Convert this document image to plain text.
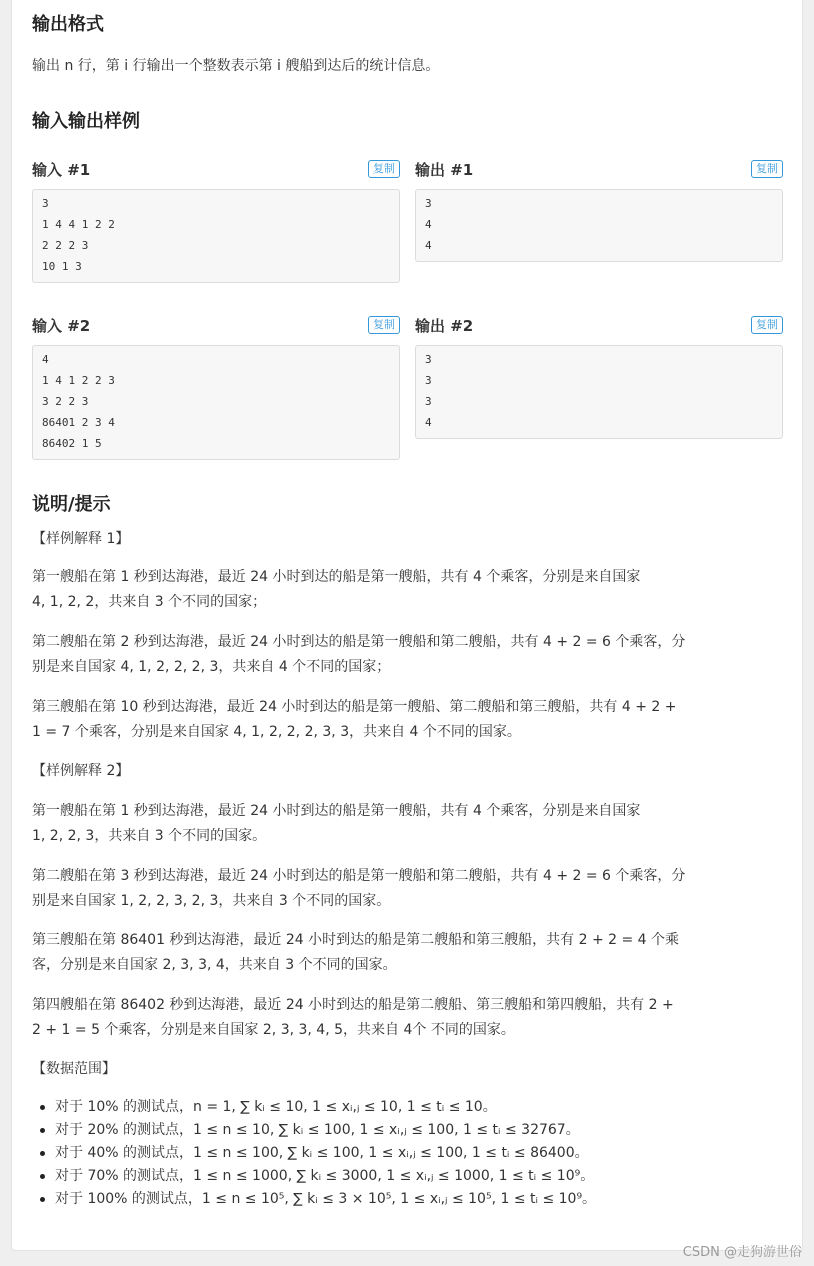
输出格式
输出 n 行，第 i 行输出一个整数表示第 i 艘船到达后的统计信息。
输入输出样例
输入 #1	复制
3
1 4 4 1 2 2
2 2 2 3
10 1 3
输出 #1	复制
3
4
4
输入 #2	复制
4
1 4 1 2 2 3
3 2 2 3
86401 2 3 4
86402 1 5
输出 #2	复制
3
3
3
4
说明/提示
【样例解释 1】
第一艘船在第 1 秒到达海港，最近 24 小时到达的船是第一艘船，共有 4 个乘客，分别是来自国家
4, 1, 2, 2，共来自 3 个不同的国家；
第二艘船在第 2 秒到达海港，最近 24 小时到达的船是第一艘船和第二艘船，共有 4 + 2 = 6 个乘客，分
别是来自国家 4, 1, 2, 2, 2, 3，共来自 4 个不同的国家；
第三艘船在第 10 秒到达海港，最近 24 小时到达的船是第一艘船、第二艘船和第三艘船，共有 4 + 2 +
1 = 7 个乘客，分别是来自国家 4, 1, 2, 2, 2, 3, 3，共来自 4 个不同的国家。
【样例解释 2】
第一艘船在第 1 秒到达海港，最近 24 小时到达的船是第一艘船，共有 4 个乘客，分别是来自国家
1, 2, 2, 3，共来自 3 个不同的国家。
第二艘船在第 3 秒到达海港，最近 24 小时到达的船是第一艘船和第二艘船，共有 4 + 2 = 6 个乘客，分
别是来自国家 1, 2, 2, 3, 2, 3，共来自 3 个不同的国家。
第三艘船在第 86401 秒到达海港，最近 24 小时到达的船是第二艘船和第三艘船，共有 2 + 2 = 4 个乘
客，分别是来自国家 2, 3, 3, 4，共来自 3 个不同的国家。
第四艘船在第 86402 秒到达海港，最近 24 小时到达的船是第二艘船、第三艘船和第四艘船，共有 2 +
2 + 1 = 5 个乘客，分别是来自国家 2, 3, 3, 4, 5，共来自 4个 不同的国家。
【数据范围】
对于 10% 的测试点，n = 1, ∑ kᵢ ≤ 10, 1 ≤ xᵢ,ⱼ ≤ 10, 1 ≤ tᵢ ≤ 10。
对于 20% 的测试点，1 ≤ n ≤ 10, ∑ kᵢ ≤ 100, 1 ≤ xᵢ,ⱼ ≤ 100, 1 ≤ tᵢ ≤ 32767。
对于 40% 的测试点，1 ≤ n ≤ 100, ∑ kᵢ ≤ 100, 1 ≤ xᵢ,ⱼ ≤ 100, 1 ≤ tᵢ ≤ 86400。
对于 70% 的测试点，1 ≤ n ≤ 1000, ∑ kᵢ ≤ 3000, 1 ≤ xᵢ,ⱼ ≤ 1000, 1 ≤ tᵢ ≤ 10⁹。
对于 100% 的测试点，1 ≤ n ≤ 10⁵, ∑ kᵢ ≤ 3 × 10⁵, 1 ≤ xᵢ,ⱼ ≤ 10⁵, 1 ≤ tᵢ ≤ 10⁹。
CSDN @走狗游世俗
